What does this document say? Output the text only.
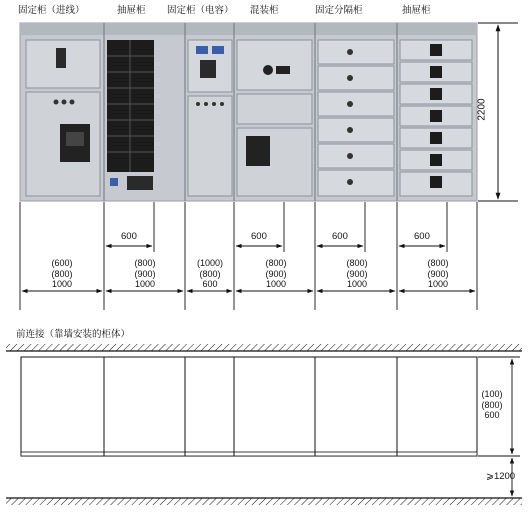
固定柜（进线）	抽屉柜 固定柜（电容） 混装柜	固定分隔柜	抽屉柜
2200
600	600	600	600
(600)
(800)
1000
(800)
(900)
1000
(1000)
(800)
600
(800)
(900)
1000
(800)
(900)
1000
(800)
(900)
1000
前连接（靠墙安装的柜体）
(100)
(800)
600
⩾1200
